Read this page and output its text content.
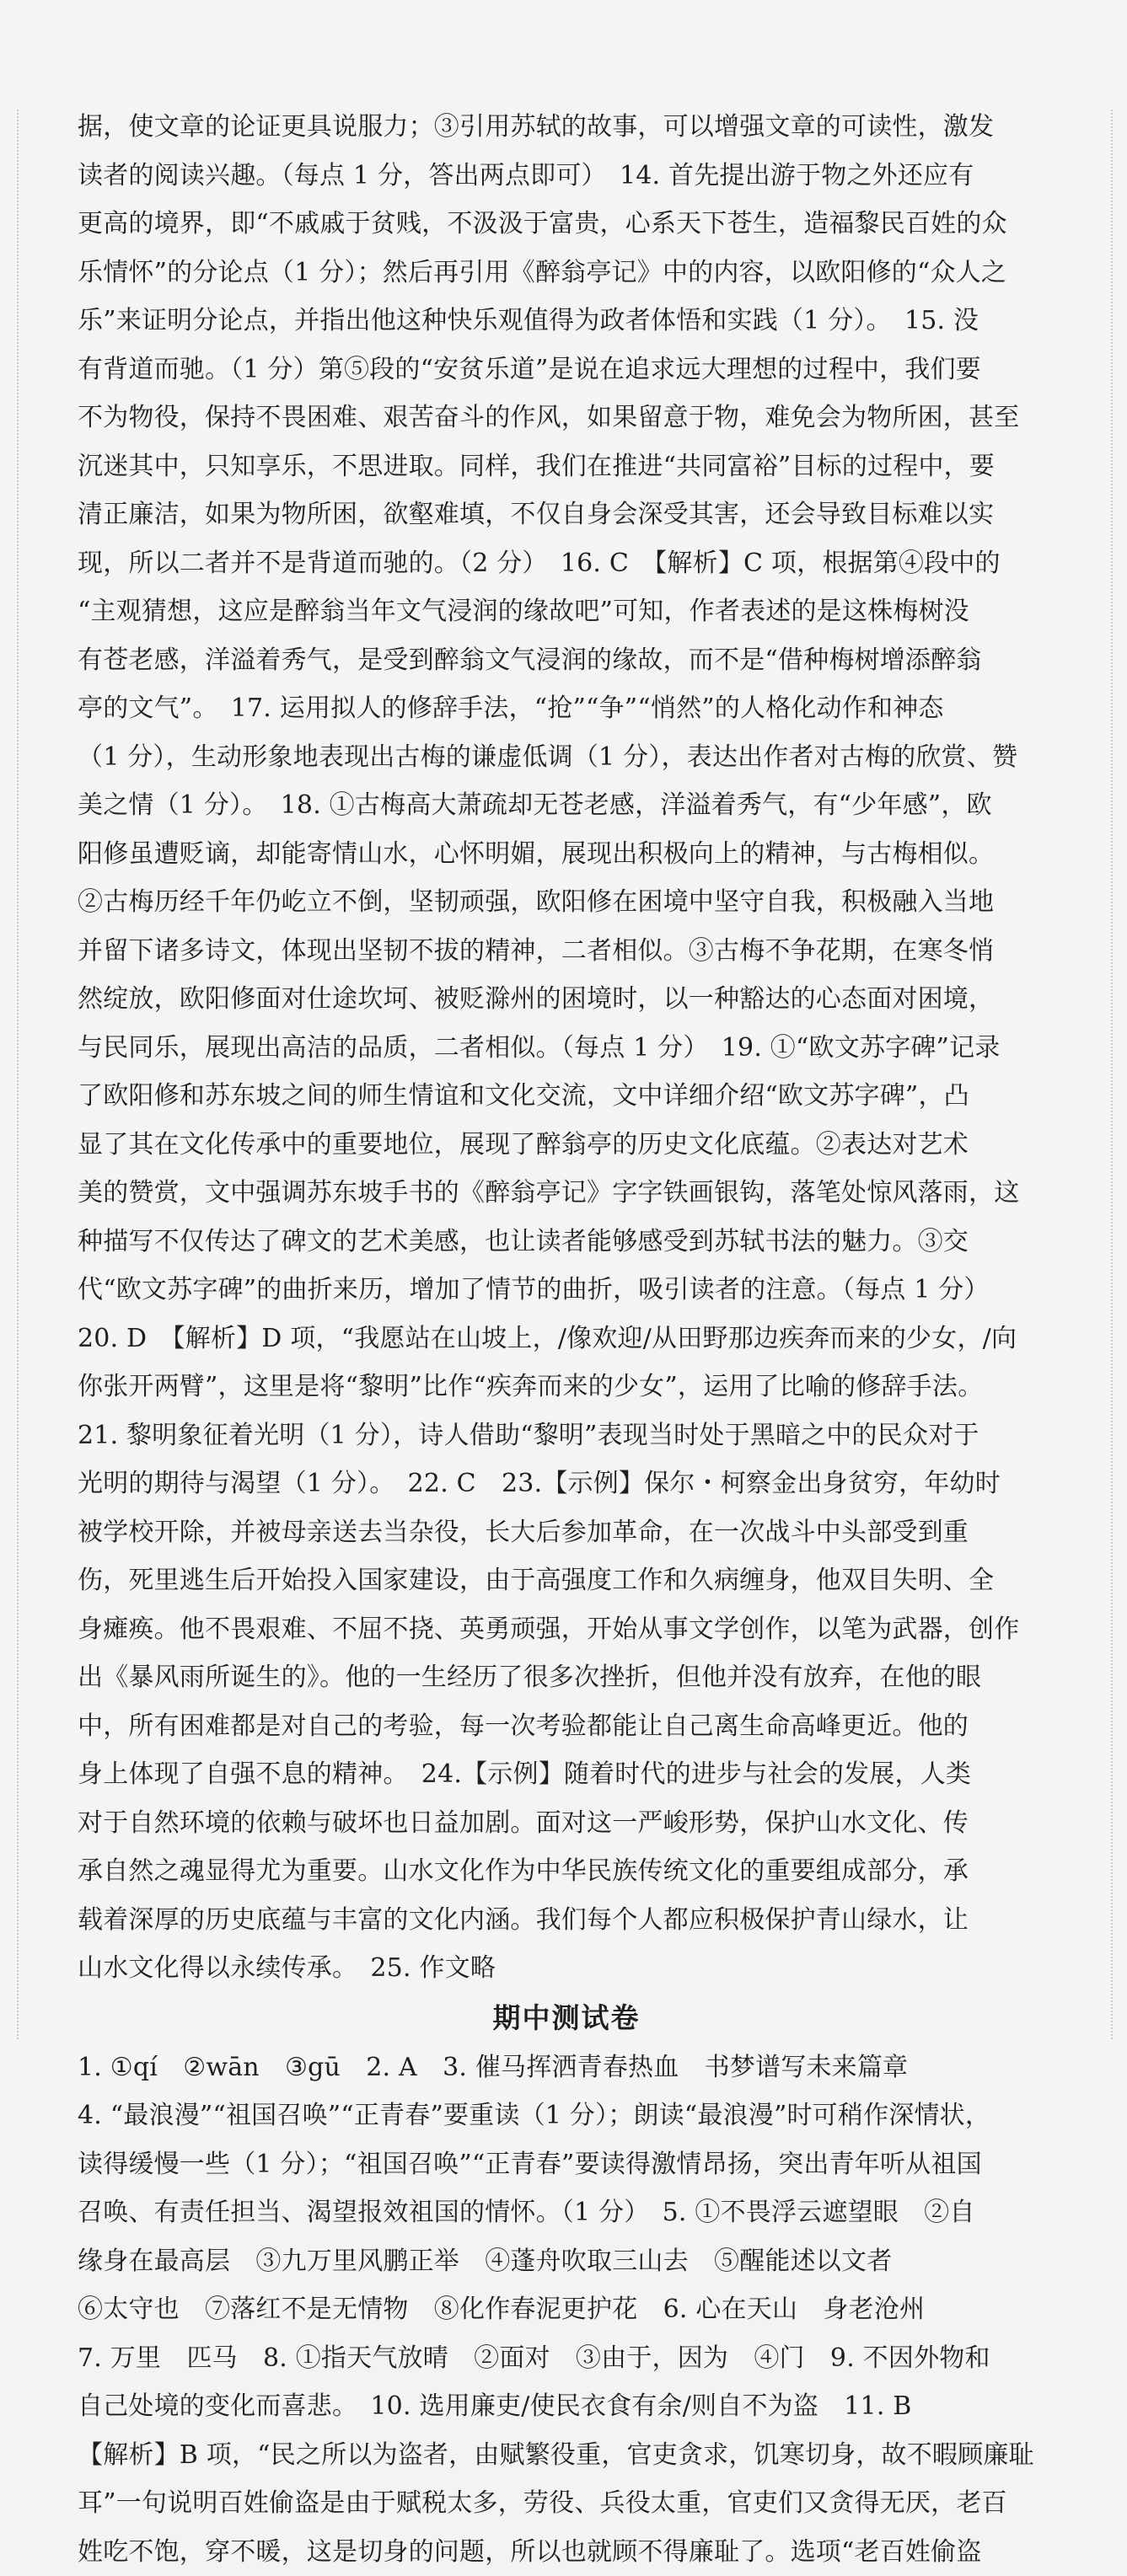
据，使文章的论证更具说服力；③引用苏轼的故事，可以增强文章的可读性，激发
读者的阅读兴趣。（每点 1 分，答出两点即可）　14. 首先提出游于物之外还应有
更高的境界，即“不戚戚于贫贱，不汲汲于富贵，心系天下苍生，造福黎民百姓的众
乐情怀”的分论点（1 分）；然后再引用《醉翁亭记》中的内容，以欧阳修的“众人之
乐”来证明分论点，并指出他这种快乐观值得为政者体悟和实践（1 分）。　15. 没
有背道而驰。（1 分）第⑤段的“安贫乐道”是说在追求远大理想的过程中，我们要
不为物役，保持不畏困难、艰苦奋斗的作风，如果留意于物，难免会为物所困，甚至
沉迷其中，只知享乐，不思进取。同样，我们在推进“共同富裕”目标的过程中，要
清正廉洁，如果为物所困，欲壑难填，不仅自身会深受其害，还会导致目标难以实
现，所以二者并不是背道而驰的。（2 分）　16. C　【解析】C 项，根据第④段中的
“主观猜想，这应是醉翁当年文气浸润的缘故吧”可知，作者表述的是这株梅树没
有苍老感，洋溢着秀气，是受到醉翁文气浸润的缘故，而不是“借种梅树增添醉翁
亭的文气”。　17. 运用拟人的修辞手法，“抢”“争”“悄然”的人格化动作和神态
（1 分），生动形象地表现出古梅的谦虚低调（1 分），表达出作者对古梅的欣赏、赞
美之情（1 分）。　18. ①古梅高大萧疏却无苍老感，洋溢着秀气，有“少年感”，欧
阳修虽遭贬谪，却能寄情山水，心怀明媚，展现出积极向上的精神，与古梅相似。
②古梅历经千年仍屹立不倒，坚韧顽强，欧阳修在困境中坚守自我，积极融入当地
并留下诸多诗文，体现出坚韧不拔的精神，二者相似。③古梅不争花期，在寒冬悄
然绽放，欧阳修面对仕途坎坷、被贬滁州的困境时，以一种豁达的心态面对困境，
与民同乐，展现出高洁的品质，二者相似。（每点 1 分）　19. ①“欧文苏字碑”记录
了欧阳修和苏东坡之间的师生情谊和文化交流，文中详细介绍“欧文苏字碑”，凸
显了其在文化传承中的重要地位，展现了醉翁亭的历史文化底蕴。②表达对艺术
美的赞赏，文中强调苏东坡手书的《醉翁亭记》字字铁画银钩，落笔处惊风落雨，这
种描写不仅传达了碑文的艺术美感，也让读者能够感受到苏轼书法的魅力。③交
代“欧文苏字碑”的曲折来历，增加了情节的曲折，吸引读者的注意。（每点 1 分）
20. D　【解析】D 项，“我愿站在山坡上，/像欢迎/从田野那边疾奔而来的少女，/向
你张开两臂”，这里是将“黎明”比作“疾奔而来的少女”，运用了比喻的修辞手法。
21. 黎明象征着光明（1 分），诗人借助“黎明”表现当时处于黑暗之中的民众对于
光明的期待与渴望（1 分）。　22. C　23.【示例】保尔・柯察金出身贫穷，年幼时
被学校开除，并被母亲送去当杂役，长大后参加革命，在一次战斗中头部受到重
伤，死里逃生后开始投入国家建设，由于高强度工作和久病缠身，他双目失明、全
身瘫痪。他不畏艰难、不屈不挠、英勇顽强，开始从事文学创作，以笔为武器，创作
出《暴风雨所诞生的》。他的一生经历了很多次挫折，但他并没有放弃，在他的眼
中，所有困难都是对自己的考验，每一次考验都能让自己离生命高峰更近。他的
身上体现了自强不息的精神。　24.【示例】随着时代的进步与社会的发展，人类
对于自然环境的依赖与破坏也日益加剧。面对这一严峻形势，保护山水文化、传
承自然之魂显得尤为重要。山水文化作为中华民族传统文化的重要组成部分，承
载着深厚的历史底蕴与丰富的文化内涵。我们每个人都应积极保护青山绿水，让
山水文化得以永续传承。　25. 作文略
期中测试卷
1. ①qí　②wān　③gū　2. A　3. 催马挥洒青春热血　书梦谱写未来篇章
4. “最浪漫”“祖国召唤”“正青春”要重读（1 分）；朗读“最浪漫”时可稍作深情状，
读得缓慢一些（1 分）；“祖国召唤”“正青春”要读得激情昂扬，突出青年听从祖国
召唤、有责任担当、渴望报效祖国的情怀。（1 分）　5. ①不畏浮云遮望眼　②自
缘身在最高层　③九万里风鹏正举　④蓬舟吹取三山去　⑤醒能述以文者
⑥太守也　⑦落红不是无情物　⑧化作春泥更护花　6. 心在天山　身老沧州
7. 万里　匹马　8. ①指天气放晴　②面对　③由于，因为　④门　9. 不因外物和
自己处境的变化而喜悲。　10. 选用廉吏/使民衣食有余/则自不为盗　11. B
【解析】B 项，“民之所以为盗者，由赋繁役重，官吏贪求，饥寒切身，故不暇顾廉耻
耳”一句说明百姓偷盗是由于赋税太多，劳役、兵役太重，官吏们又贪得无厌，老百
姓吃不饱，穿不暖，这是切身的问题，所以也就顾不得廉耻了。选项“老百姓偷盗
